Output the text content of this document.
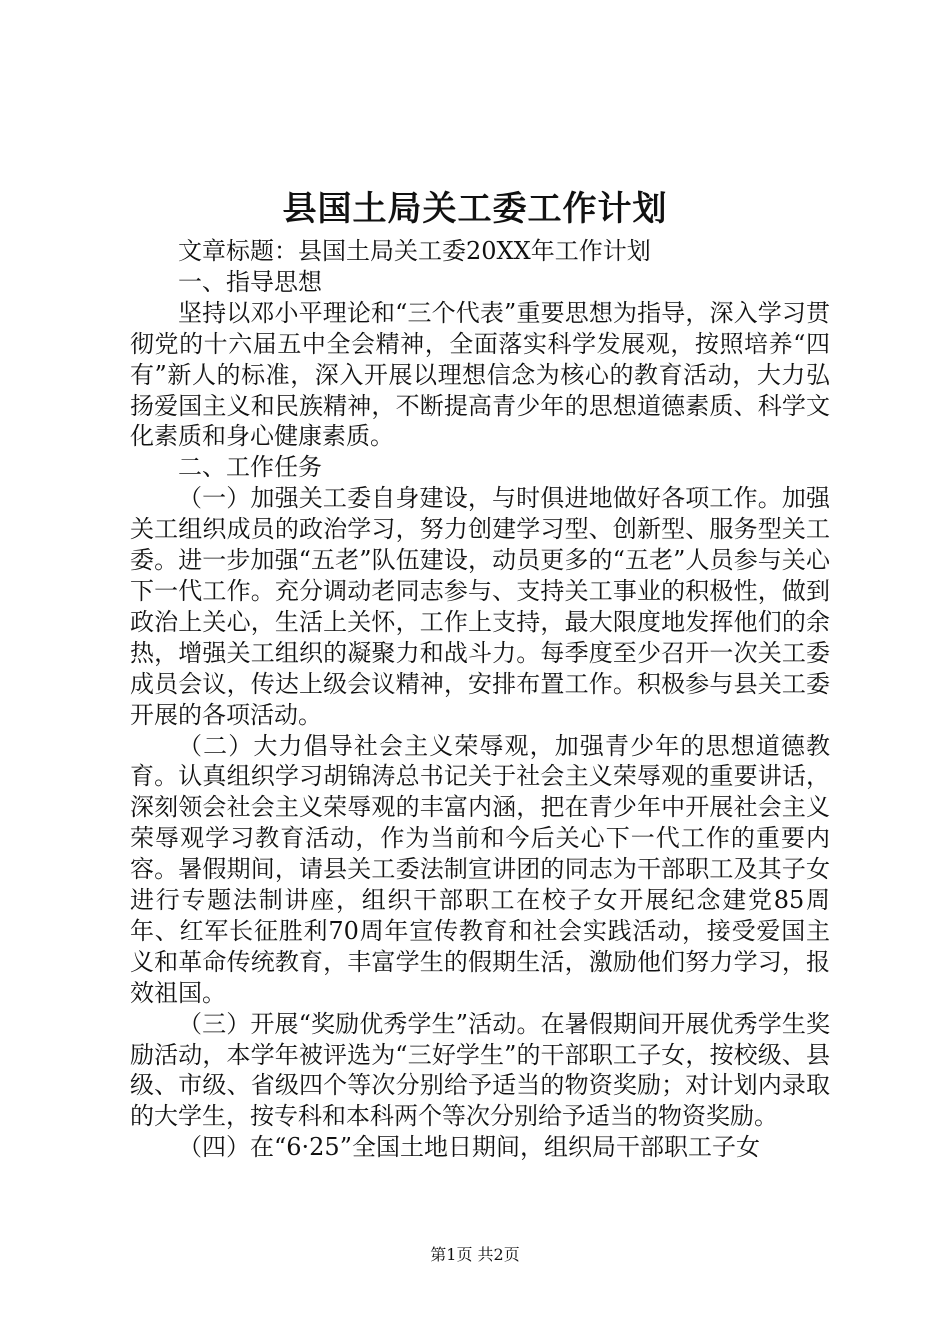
县国土局关工委工作计划

文章标题：县国土局关工委20XX年工作计划

一、指导思想

坚持以邓小平理论和“三个代表”重要思想为指导，深入学习贯彻党的十六届五中全会精神，全面落实科学发展观，按照培养“四有”新人的标准，深入开展以理想信念为核心的教育活动，大力弘扬爱国主义和民族精神，不断提高青少年的思想道德素质、科学文化素质和身心健康素质。

二、工作任务

（一）加强关工委自身建设，与时俱进地做好各项工作。加强关工组织成员的政治学习，努力创建学习型、创新型、服务型关工委。进一步加强“五老”队伍建设，动员更多的“五老”人员参与关心下一代工作。充分调动老同志参与、支持关工事业的积极性，做到政治上关心，生活上关怀，工作上支持，最大限度地发挥他们的余热，增强关工组织的凝聚力和战斗力。每季度至少召开一次关工委成员会议，传达上级会议精神，安排布置工作。积极参与县关工委开展的各项活动。

（二）大力倡导社会主义荣辱观，加强青少年的思想道德教育。认真组织学习胡锦涛总书记关于社会主义荣辱观的重要讲话，深刻领会社会主义荣辱观的丰富内涵，把在青少年中开展社会主义荣辱观学习教育活动，作为当前和今后关心下一代工作的重要内容。暑假期间，请县关工委法制宣讲团的同志为干部职工及其子女进行专题法制讲座，组织干部职工在校子女开展纪念建党85周年、红军长征胜利70周年宣传教育和社会实践活动，接受爱国主义和革命传统教育，丰富学生的假期生活，激励他们努力学习，报效祖国。

（三）开展“奖励优秀学生”活动。在暑假期间开展优秀学生奖励活动，本学年被评选为“三好学生”的干部职工子女，按校级、县级、市级、省级四个等次分别给予适当的物资奖励；对计划内录取的大学生，按专科和本科两个等次分别给予适当的物资奖励。

（四）在“6·25”全国土地日期间，组织局干部职工子女

第1页 共2页
